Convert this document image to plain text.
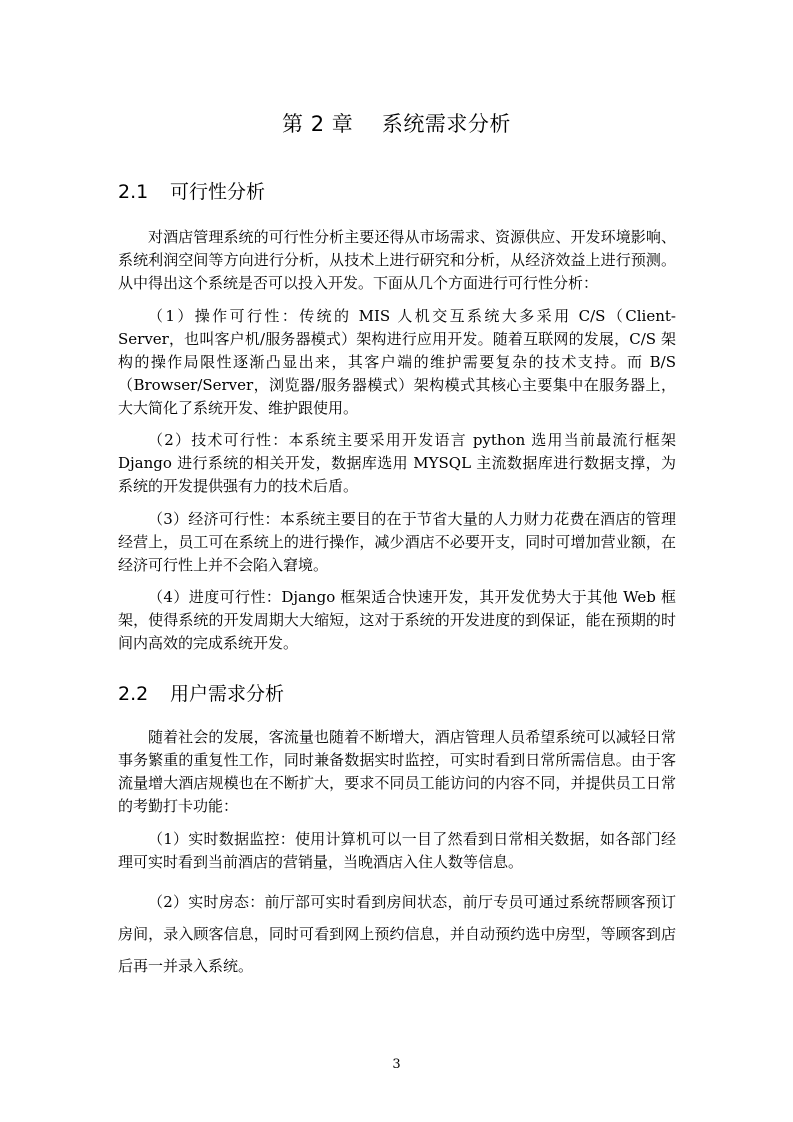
第 2 章　 系统需求分析
2.1 可行性分析

对酒店管理系统的可行性分析主要还得从市场需求、资源供应、开发环境影响、系统利润空间等方向进行分析，从技术上进行研究和分析，从经济效益上进行预测。从中得出这个系统是否可以投入开发。下面从几个方面进行可行性分析：

（1）操作可行性：传统的 MIS 人机交互系统大多采用 C/S（Client-Server，也叫客户机/服务器模式）架构进行应用开发。随着互联网的发展，C/S 架构的操作局限性逐渐凸显出来，其客户端的维护需要复杂的技术支持。而 B/S（Browser/Server，浏览器/服务器模式）架构模式其核心主要集中在服务器上，大大简化了系统开发、维护跟使用。

（2）技术可行性：本系统主要采用开发语言 python 选用当前最流行框架 Django 进行系统的相关开发，数据库选用 MYSQL 主流数据库进行数据支撑，为系统的开发提供强有力的技术后盾。

（3）经济可行性：本系统主要目的在于节省大量的人力财力花费在酒店的管理经营上，员工可在系统上的进行操作，减少酒店不必要开支，同时可增加营业额，在经济可行性上并不会陷入窘境。

（4）进度可行性：Django 框架适合快速开发，其开发优势大于其他 Web 框架，使得系统的开发周期大大缩短，这对于系统的开发进度的到保证，能在预期的时间内高效的完成系统开发。

2.2 用户需求分析

随着社会的发展，客流量也随着不断增大，酒店管理人员希望系统可以减轻日常事务繁重的重复性工作，同时兼备数据实时监控，可实时看到日常所需信息。由于客流量增大酒店规模也在不断扩大，要求不同员工能访问的内容不同，并提供员工日常的考勤打卡功能：

（1）实时数据监控：使用计算机可以一目了然看到日常相关数据，如各部门经理可实时看到当前酒店的营销量，当晚酒店入住人数等信息。

（2）实时房态：前厅部可实时看到房间状态，前厅专员可通过系统帮顾客预订房间，录入顾客信息，同时可看到网上预约信息，并自动预约选中房型，等顾客到店后再一并录入系统。

3
